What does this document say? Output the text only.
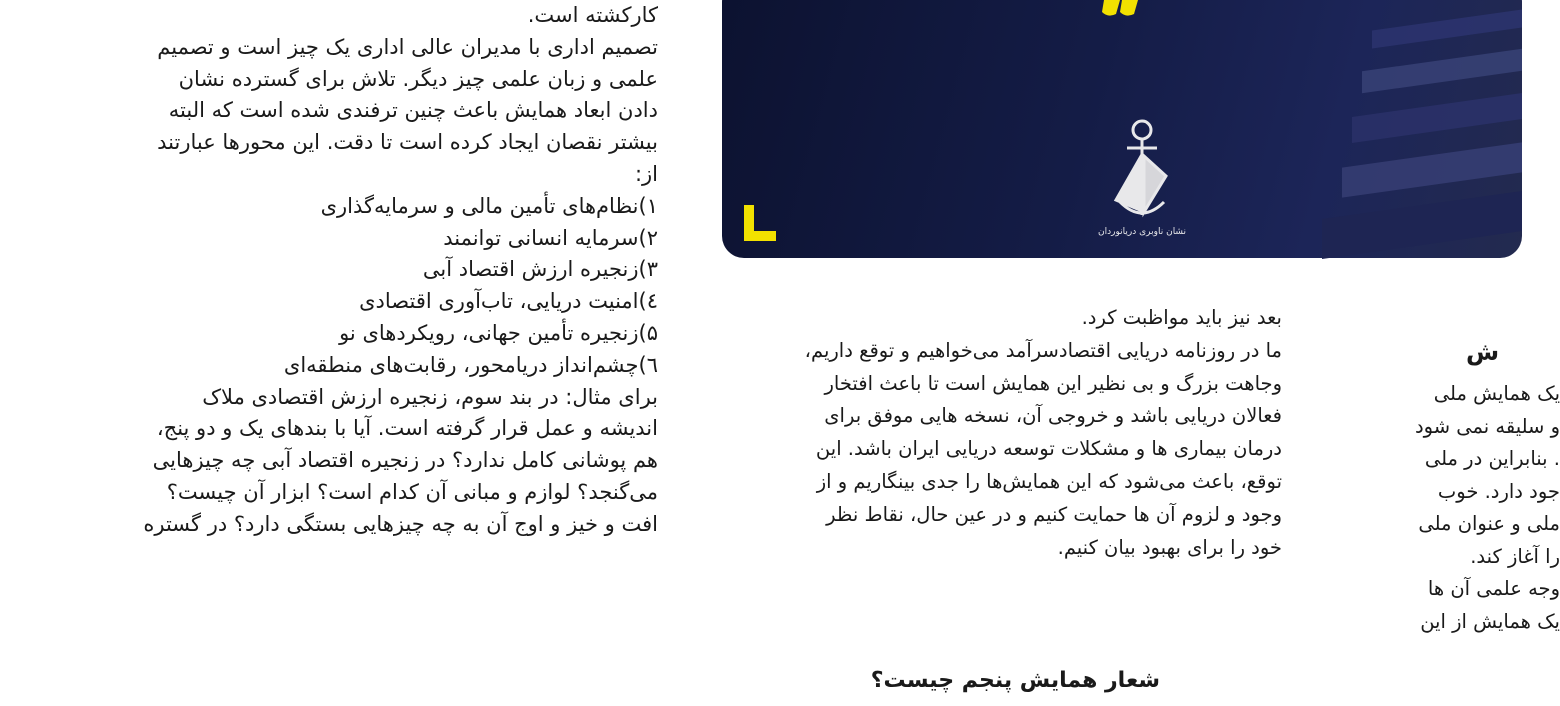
کارکشته است.
تصمیم اداری با مدیران عالی اداری یک چیز است و تصمیم
علمی و زبان علمی چیز دیگر. تلاش برای گسترده نشان
دادن ابعاد همایش باعث چنین ترفندی شده است که البته
بیشتر نقصان ایجاد کرده است تا دقت. این محورها عبارتند
از:
۱)نظام‌های تأمین مالی و سرمایه‌گذاری
۲)سرمایه انسانی توانمند
۳)زنجیره ارزش اقتصاد آبی
٤)امنیت دریایی، تاب‌آوری اقتصادی
۵)زنجیره تأمین جهانی، رویکردهای نو
٦)چشم‌انداز دریامحور، رقابت‌های منطقه‌ای
برای مثال: در بند سوم، زنجیره ارزش اقتصادی ملاک
اندیشه و عمل قرار گرفته است. آیا با بندهای یک و دو پنج،
هم پوشانی کامل ندارد؟ در زنجیره اقتصاد آبی چه چیزهایی
می‌گنجد؟ لوازم و مبانی آن کدام است؟ ابزار آن چیست؟
افت و خیز و اوج آن به چه چیزهایی بستگی دارد؟ در گستره
بعد نیز باید مواظبت کرد.
ما در روزنامه دریایی اقتصادسرآمد می‌خواهیم و توقع داریم،
وجاهت بزرگ و بی نظیر این همایش است تا باعث افتخار
فعالان دریایی باشد و خروجی آن، نسخه هایی موفق برای
درمان بیماری ها و مشکلات توسعه دریایی ایران باشد. این
توقع، باعث می‌شود که این همایش‌ها را جدی بینگاریم و از
وجود و لزوم آن ها حمایت کنیم و در عین حال، نقاط نظر
خود را برای بهبود بیان کنیم.
شعار همایش پنجم چیست؟
ش
یک همایش ملی
و سلیقه نمی شود
. بنابراین در ملی
جود دارد. خوب
ملی و عنوان ملی
را آغاز کند.
وجه علمی آن ها
یک همایش از این
نشان ناوبری دریانوردان
